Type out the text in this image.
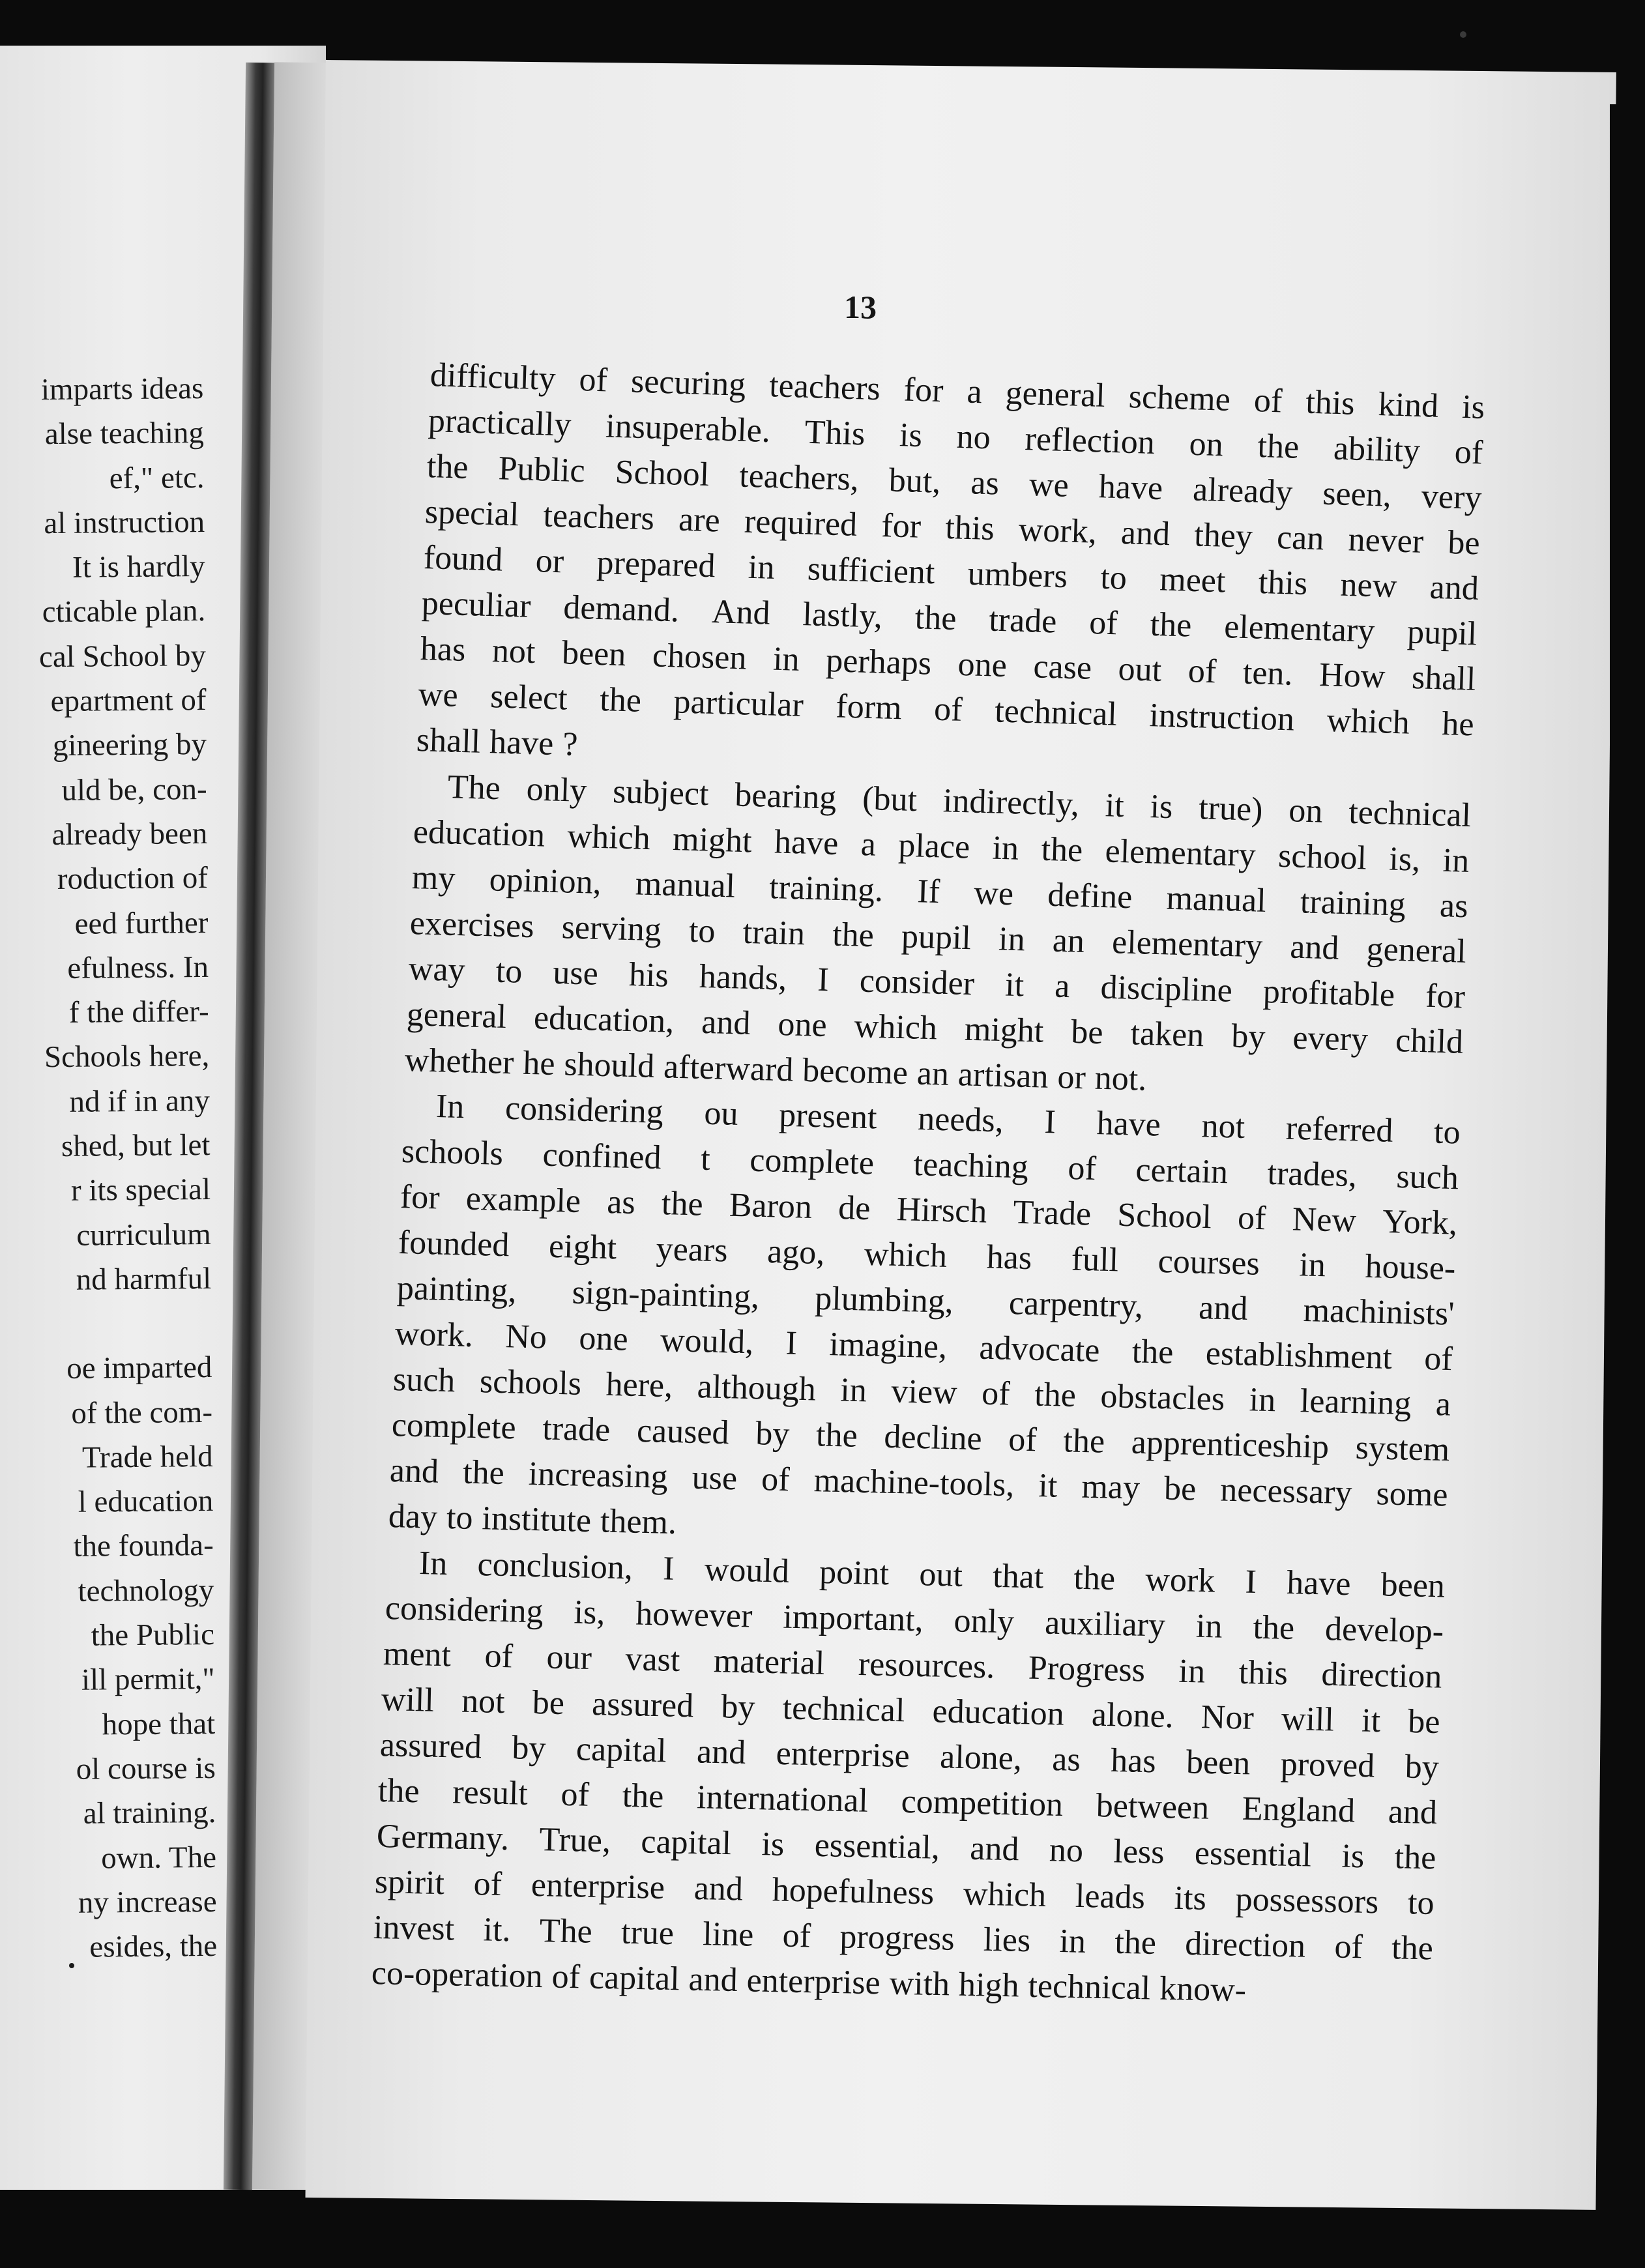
imparts ideas
alse teaching
ef," etc.
al instruction
It is hardly
cticable plan.
cal School by
epartment of
gineering by
uld be, con-
already been
roduction of
eed further
efulness. In
f the differ-
Schools here,
nd if in any
shed, but let
r its special
curriculum
nd harmful
oe imparted
of the com-
Trade held
l education
the founda-
technology
the Public
ill permit,"
hope that
ol course is
al training.
own. The
ny increase
esides, the
13
difficulty of securing teachers for a general scheme of this kind is
practically insuperable. This is no reflection on the ability of
the Public School teachers, but, as we have already seen, very
special teachers are required for this work, and they can never be
found or prepared in sufficient umbers to meet this new and
peculiar demand. And lastly, the trade of the elementary pupil
has not been chosen in perhaps one case out of ten. How shall
we select the particular form of technical instruction which he
shall have ?
The only subject bearing (but indirectly, it is true) on technical
education which might have a place in the elementary school is, in
my opinion, manual training. If we define manual training as
exercises serving to train the pupil in an elementary and general
way to use his hands, I consider it a discipline profitable for
general education, and one which might be taken by every child
whether he should afterward become an artisan or not.
In considering ou present needs, I have not referred to
schools confined t complete teaching of certain trades, such
for example as the Baron de Hirsch Trade School of New York,
founded eight years ago, which has full courses in house-
painting, sign-painting, plumbing, carpentry, and machinists'
work. No one would, I imagine, advocate the establishment of
such schools here, although in view of the obstacles in learning a
complete trade caused by the decline of the apprenticeship system
and the increasing use of machine-tools, it may be necessary some
day to institute them.
In conclusion, I would point out that the work I have been
considering is, however important, only auxiliary in the develop-
ment of our vast material resources. Progress in this direction
will not be assured by technical education alone. Nor will it be
assured by capital and enterprise alone, as has been proved by
the result of the international competition between England and
Germany. True, capital is essential, and no less essential is the
spirit of enterprise and hopefulness which leads its possessors to
invest it. The true line of progress lies in the direction of the
co-operation of capital and enterprise with high technical know-
